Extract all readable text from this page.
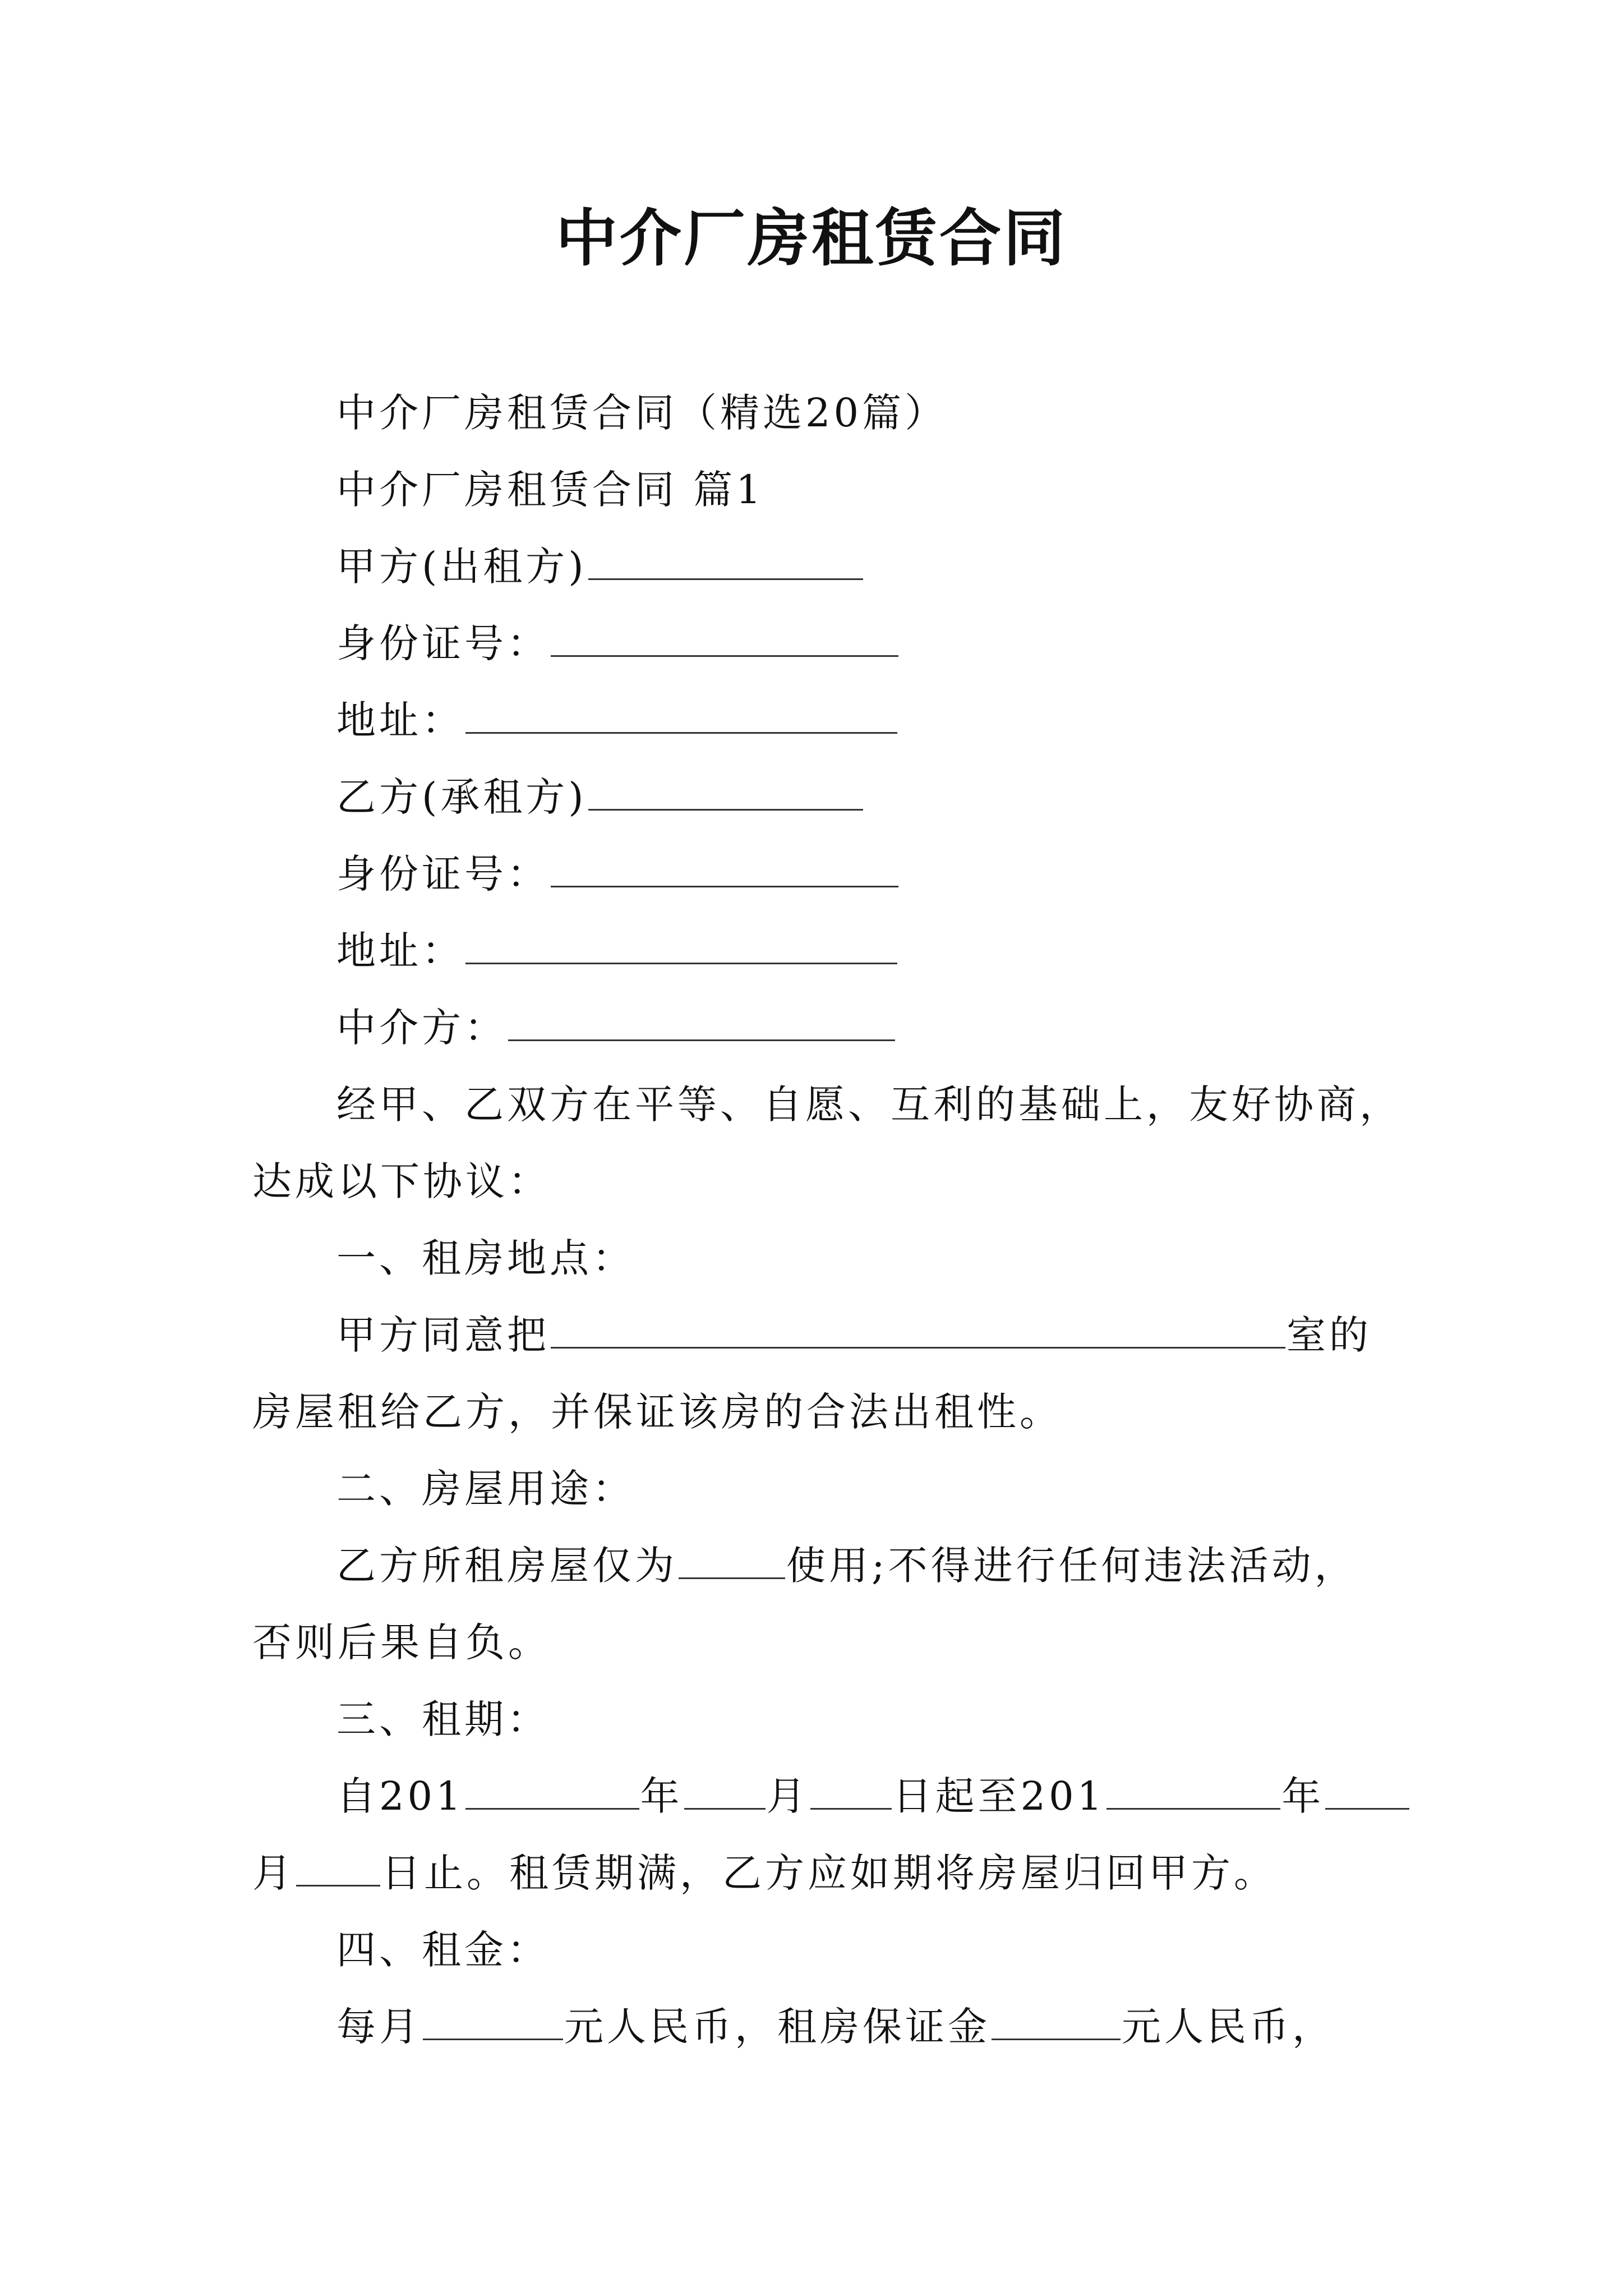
中介厂房租赁合同
中介厂房租赁合同（精选20篇）
中介厂房租赁合同 篇1
甲方(出租方)
身份证号：
地址：
乙方(承租方)
身份证号：
地址：
中介方：
经甲、乙双方在平等、自愿、互利的基础上，友好协商，
达成以下协议：
一、租房地点：
甲方同意把	室的
房屋租给乙方，并保证该房的合法出租性。
二、房屋用途：
乙方所租房屋仅为	使用;不得进行任何违法活动，
否则后果自负。
三、租期：
自201	年 月 日起至201	年
月 日止。租赁期满，乙方应如期将房屋归回甲方。
四、租金：
每月	元人民币，租房保证金	元人民币，
